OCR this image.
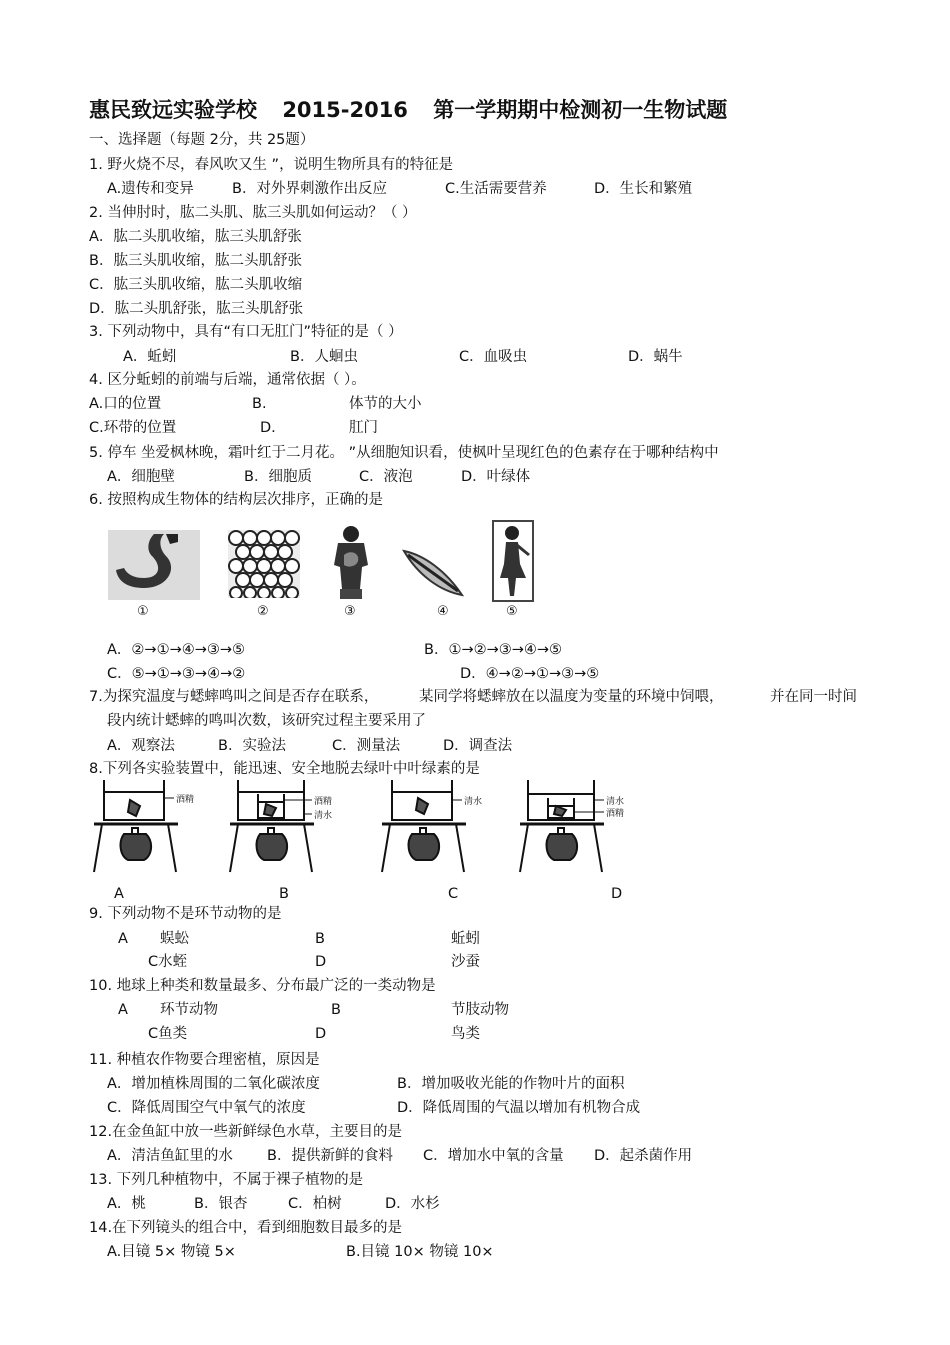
惠民致远实验学校 2015-2016 第一学期期中检测初一生物试题
一、选择题（每题 2分，共 25题）
1. 野火烧不尽，春风吹又生 ”，说明生物所具有的特征是
A.遗传和变异	B．对外界刺激作出反应	C.生活需要营养	D．生长和繁殖
2. 当伸肘时，肱二头肌、肱三头肌如何运动？（ ）
A．肱二头肌收缩，肱三头肌舒张
B．肱三头肌收缩，肱二头肌舒张
C．肱三头肌收缩，肱二头肌收缩
D．肱二头肌舒张，肱三头肌舒张
3. 下列动物中，具有“有口无肛门”特征的是（ ）
A．蚯蚓	B．人蛔虫	C．血吸虫	D．蜗牛
4. 区分蚯蚓的前端与后端，通常依据（ ）。
A.口的位置	B.	体节的大小
C.环带的位置	D.	肛门
5. 停车 坐爱枫林晚，霜叶红于二月花。 ”从细胞知识看，使枫叶呈现红色的色素存在于哪种结构中
A．细胞壁	B．细胞质	C．液泡	D．叶绿体
6. 按照构成生物体的结构层次排序，正确的是
①	②	③	④	⑤
A．②→①→④→③→⑤	B．①→②→③→④→⑤
C．⑤→①→③→④→②	D．④→②→①→③→⑤
7.为探究温度与蟋蟀鸣叫之间是否存在联系，	某同学将蟋蟀放在以温度为变量的环境中饲喂，	并在同一时间
段内统计蟋蟀的鸣叫次数，该研究过程主要采用了
A．观察法	B．实验法	C．测量法	D．调查法
8.下列各实验装置中，能迅速、安全地脱去绿叶中叶绿素的是
酒精	酒精
清水
清水	清水
酒精
A	B	C	D
9. 下列动物不是环节动物的是
A 蜈蚣	B	蚯蚓
C水蛭	D	沙蚕
10. 地球上种类和数量最多、分布最广泛的一类动物是
A 环节动物	B	节肢动物
C鱼类	D	鸟类
11. 种植农作物要合理密植，原因是
A．增加植株周围的二氧化碳浓度	B．增加吸收光能的作物叶片的面积
C．降低周围空气中氧气的浓度	D．降低周围的气温以增加有机物合成
12.在金鱼缸中放一些新鲜绿色水草，主要目的是
A．清洁鱼缸里的水 B．提供新鲜的食料 C．增加水中氧的含量 D．起杀菌作用
13. 下列几种植物中，不属于裸子植物的是
A．桃	B．银杏	C．柏树	D．水杉
14.在下列镜头的组合中，看到细胞数目最多的是
A.目镜 5× 物镜 5×	B.目镜 10× 物镜 10×
